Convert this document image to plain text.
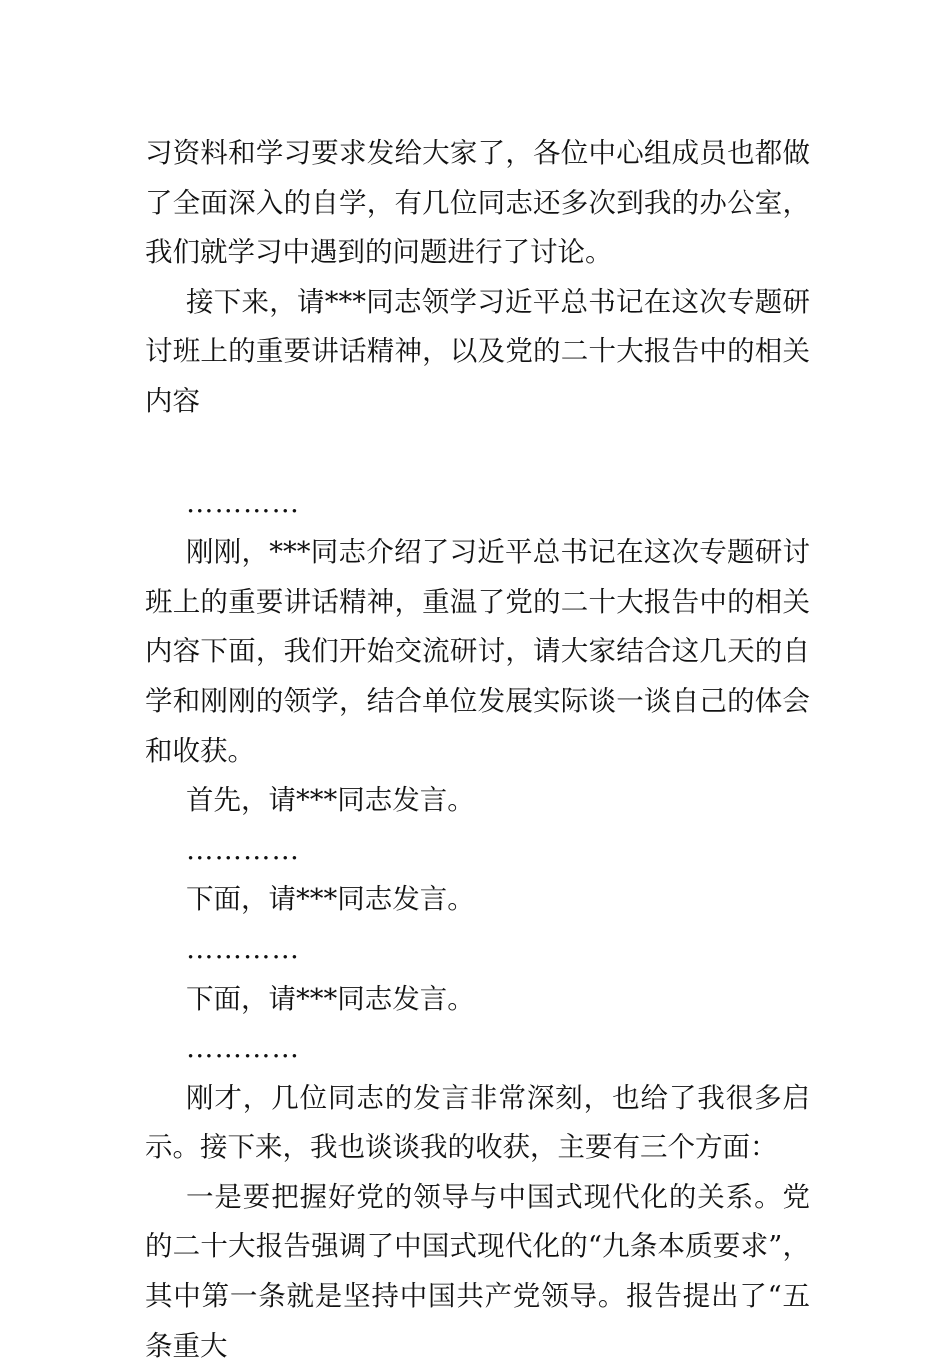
习资料和学习要求发给大家了，各位中心组成员也都做了全面深入的自学，有几位同志还多次到我的办公室，我们就学习中遇到的问题进行了讨论。

接下来，请***同志领学习近平总书记在这次专题研讨班上的重要讲话精神，以及党的二十大报告中的相关内容

…………

刚刚，***同志介绍了习近平总书记在这次专题研讨班上的重要讲话精神，重温了党的二十大报告中的相关内容下面，我们开始交流研讨，请大家结合这几天的自学和刚刚的领学，结合单位发展实际谈一谈自己的体会和收获。

首先，请***同志发言。

…………

下面，请***同志发言。

…………

下面，请***同志发言。

…………

刚才，几位同志的发言非常深刻，也给了我很多启示。接下来，我也谈谈我的收获，主要有三个方面：

一是要把握好党的领导与中国式现代化的关系。党的二十大报告强调了中国式现代化的“九条本质要求”，其中第一条就是坚持中国共产党领导。报告提出了“五条重大
